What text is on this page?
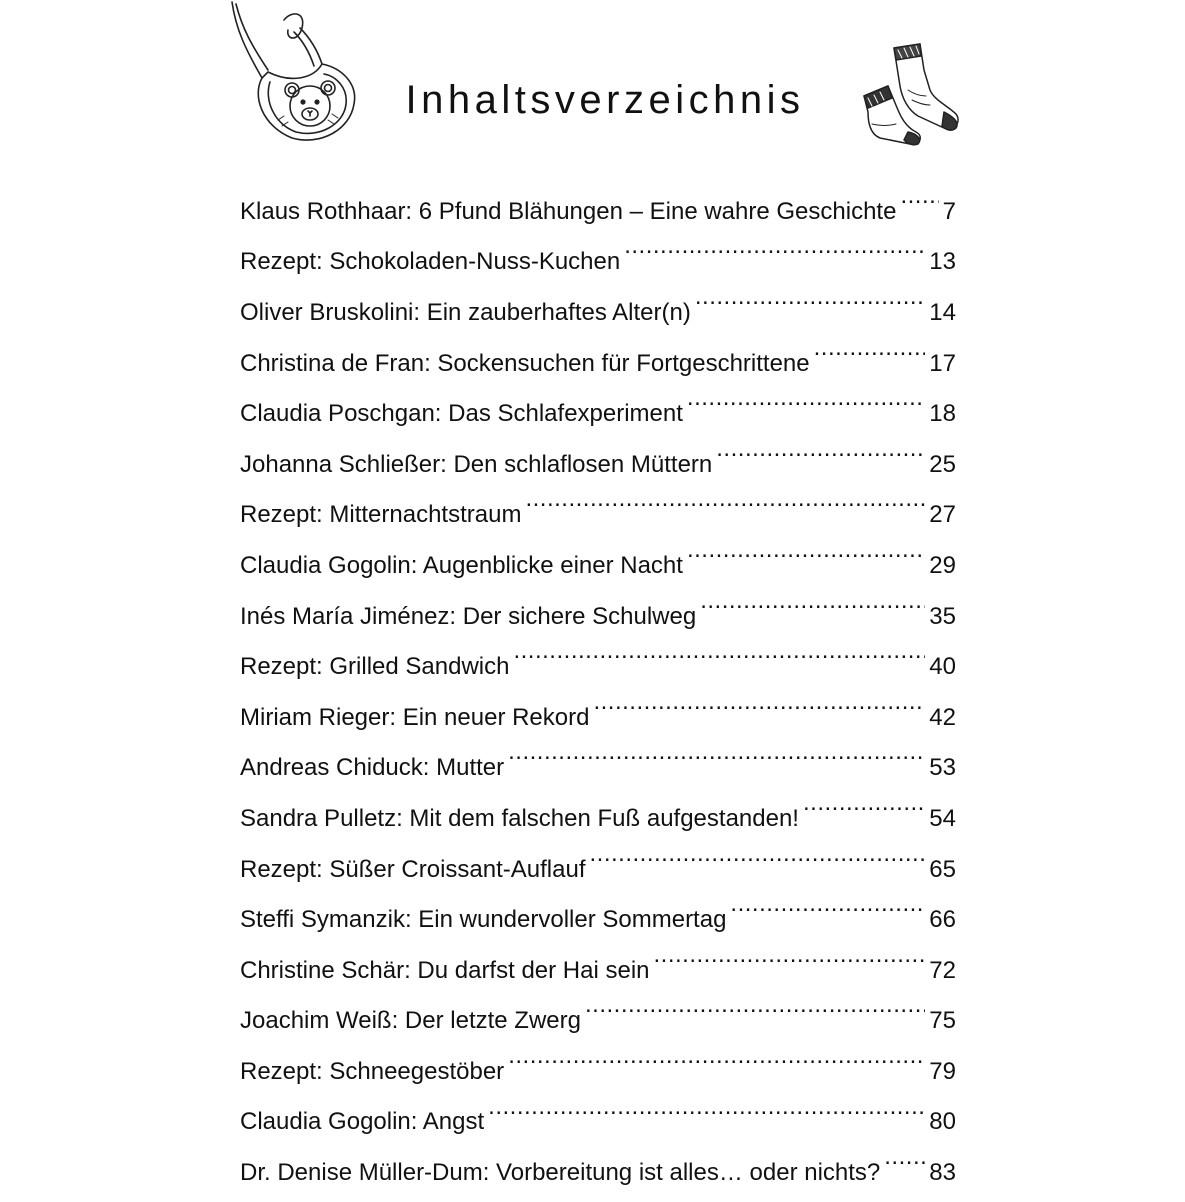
Inhaltsverzeichnis
Klaus Rothhaar: 6 Pfund Blähungen – Eine wahre Geschichte ..... 7
Rezept: Schokoladen-Nuss-Kuchen .....	13
Oliver Bruskolini: Ein zauberhaftes Alter(n) .....	14
Christina de Fran: Sockensuchen für Fortgeschrittene .....	17
Claudia Poschgan: Das Schlafexperiment .....	18
Johanna Schließer: Den schlaflosen Müttern .....	25
Rezept: Mitternachtstraum .....	27
Claudia Gogolin: Augenblicke einer Nacht .....	29
Inés María Jiménez: Der sichere Schulweg .....	35
Rezept: Grilled Sandwich .....	40
Miriam Rieger: Ein neuer Rekord .....	42
Andreas Chiduck: Mutter .....	53
Sandra Pulletz: Mit dem falschen Fuß aufgestanden! .....	54
Rezept: Süßer Croissant-Auflauf .....	65
Steffi Symanzik: Ein wundervoller Sommertag .....	66
Christine Schär: Du darfst der Hai sein .....	72
Joachim Weiß: Der letzte Zwerg .....	75
Rezept: Schneegestöber .....	79
Claudia Gogolin: Angst .....	80
Dr. Denise Müller-Dum: Vorbereitung ist alles… oder nichts? ..... 83
